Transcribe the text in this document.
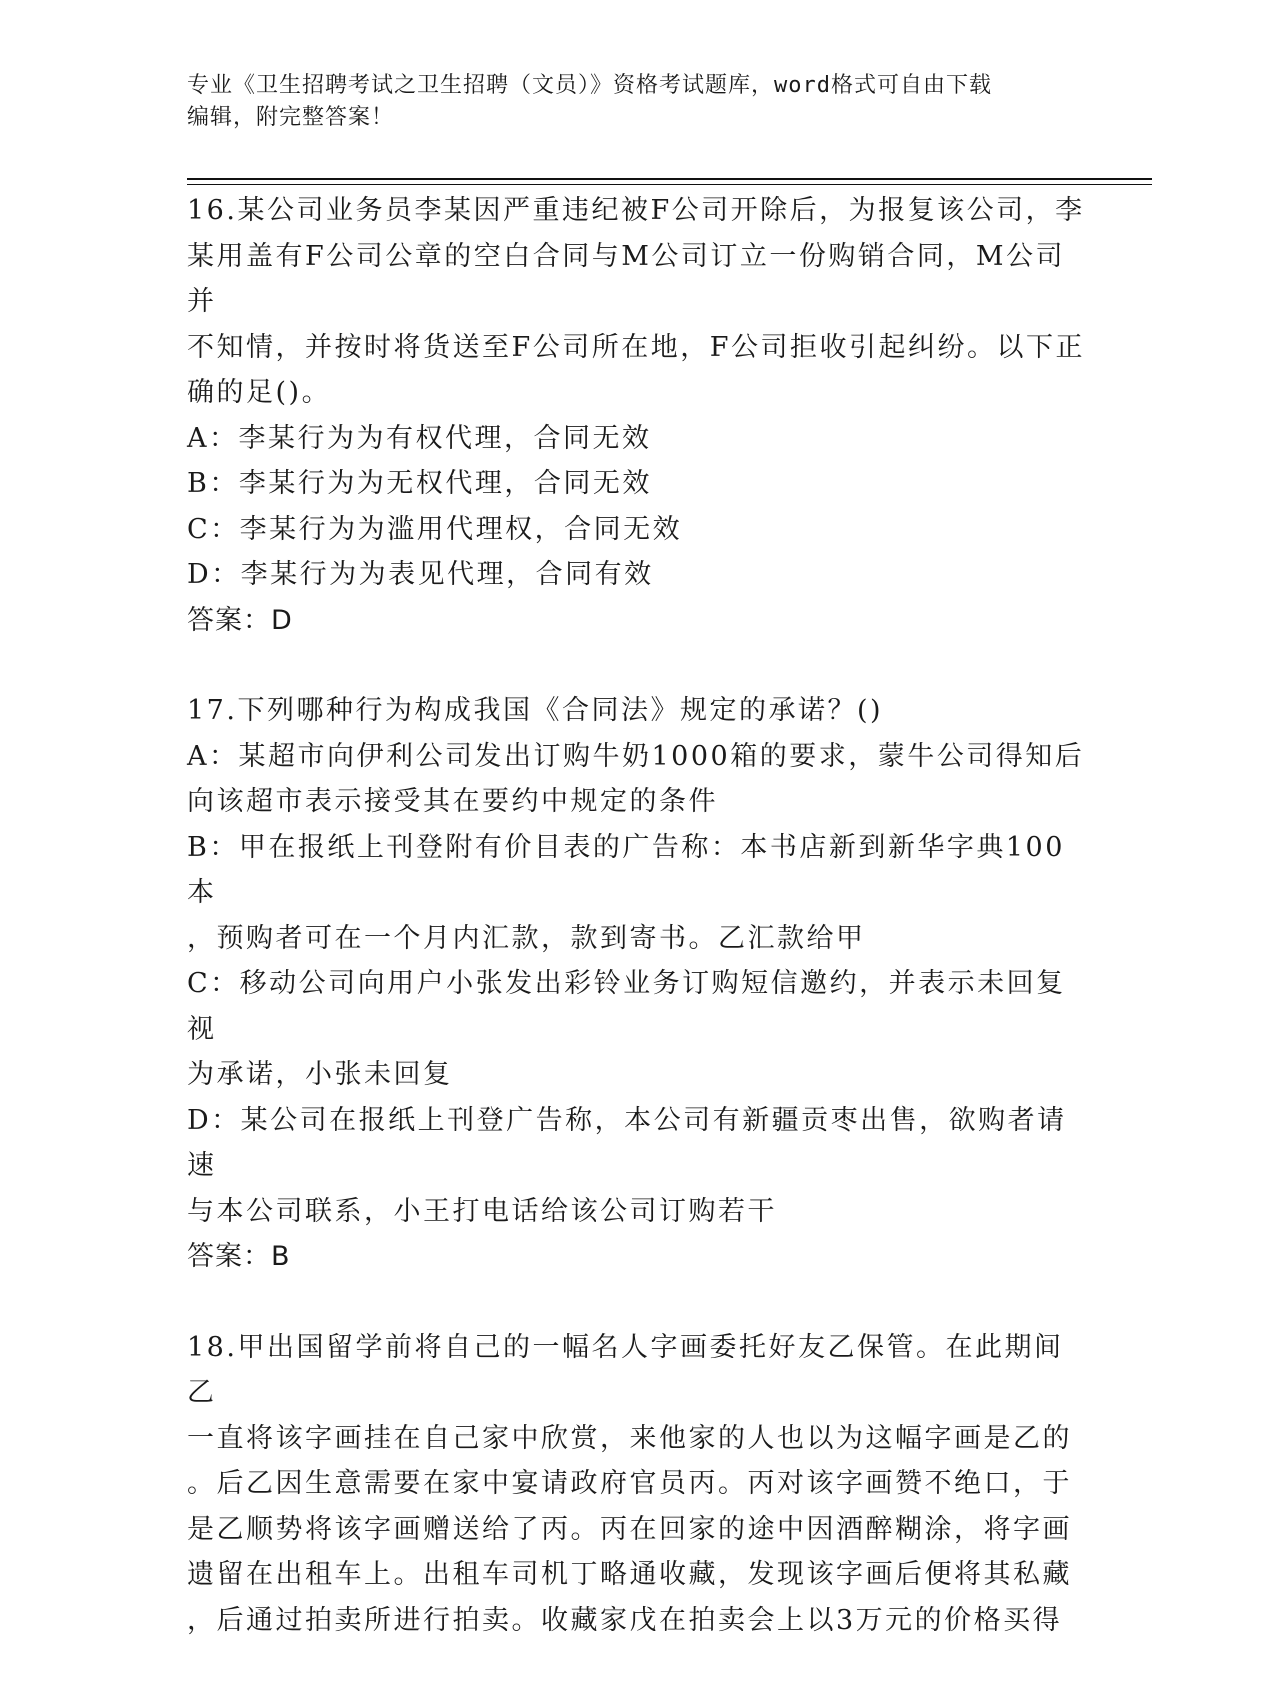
专业《卫生招聘考试之卫生招聘（文员）》资格考试题库，word格式可自由下载
编辑，附完整答案！

16.某公司业务员李某因严重违纪被F公司开除后，为报复该公司，李

某用盖有F公司公章的空白合同与M公司订立一份购销合同，M公司并

不知情，并按时将货送至F公司所在地，F公司拒收引起纠纷。以下正

确的足()。

A：李某行为为有权代理，合同无效

B：李某行为为无权代理，合同无效

C：李某行为为滥用代理权，合同无效

D：李某行为为表见代理，合同有效

答案：D

17.下列哪种行为构成我国《合同法》规定的承诺？()

A：某超市向伊利公司发出订购牛奶1000箱的要求，蒙牛公司得知后

向该超市表示接受其在要约中规定的条件

B：甲在报纸上刊登附有价目表的广告称：本书店新到新华字典100本

，预购者可在一个月内汇款，款到寄书。乙汇款给甲

C：移动公司向用户小张发出彩铃业务订购短信邀约，并表示未回复视

为承诺，小张未回复

D：某公司在报纸上刊登广告称，本公司有新疆贡枣出售，欲购者请速

与本公司联系，小王打电话给该公司订购若干

答案：B

18.甲出国留学前将自己的一幅名人字画委托好友乙保管。在此期间乙

一直将该字画挂在自己家中欣赏，来他家的人也以为这幅字画是乙的

。后乙因生意需要在家中宴请政府官员丙。丙对该字画赞不绝口，于

是乙顺势将该字画赠送给了丙。丙在回家的途中因酒醉糊涂，将字画

遗留在出租车上。出租车司机丁略通收藏，发现该字画后便将其私藏

，后通过拍卖所进行拍卖。收藏家戊在拍卖会上以3万元的价格买得
